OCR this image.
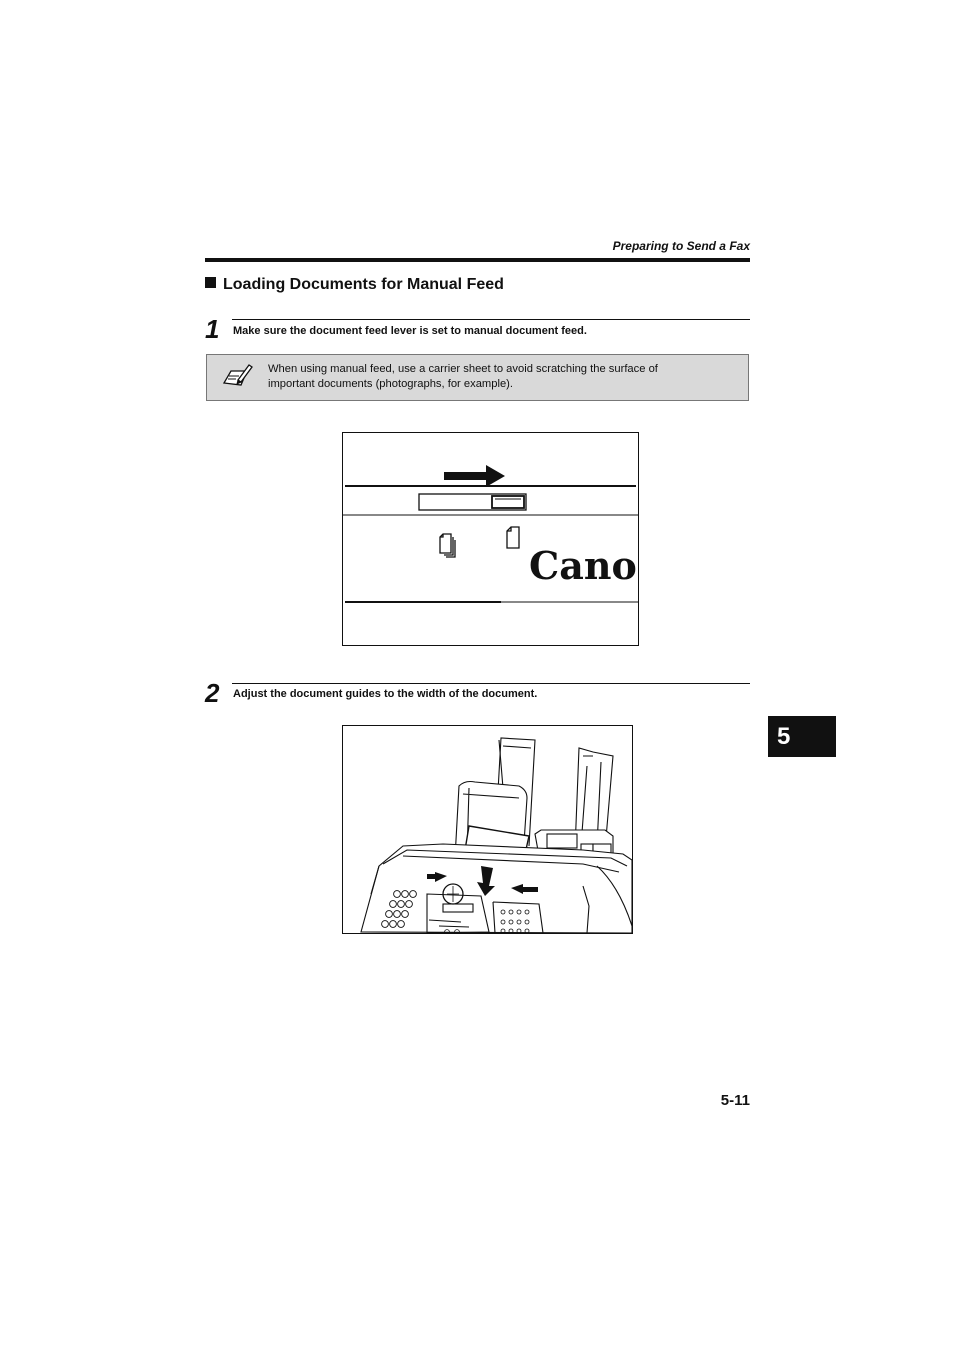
Preparing to Send a Fax
Loading Documents for Manual Feed
1 Make sure the document feed lever is set to manual document feed.
When using manual feed, use a carrier sheet to avoid scratching the surface of
important documents (photographs, for example).
Cano
2 Adjust the document guides to the width of the document.
5
5-11
